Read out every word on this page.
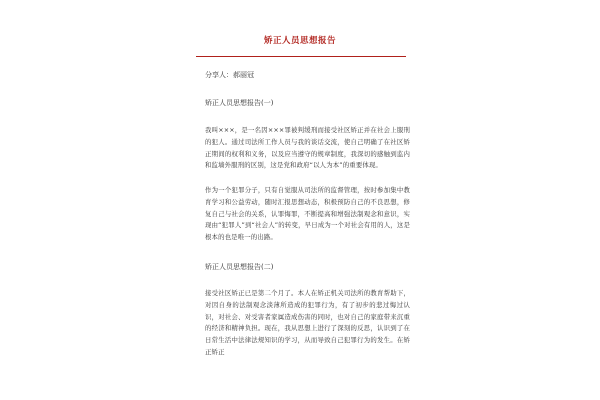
矫正人员思想报告
分享人：郝丽冠
矫正人员思想报告(一)

我叫×××，是一名因×××罪被判缓刑而接受社区矫正并在社会上服刑的犯人。通过司法所工作人员与我的谈话交流，使自己明确了在社区矫正期间的权利和义务，以及应当遵守的规章制度，我深切的感触到监内和监墙外服刑的区别，这是党和政府“以人为本”的重要体现。

作为一个犯罪分子，只有自觉服从司法所的监督管理，按时参加集中教育学习和公益劳动，随时汇报思想动态，积极预防自己的不良思想，修复自己与社会的关系，认罪悔罪，不断提高和增强法制观念和意识，实现由“犯罪人”到“社会人”的转变，早日成为一个对社会有用的人，这是根本的也是唯一的出路。

矫正人员思想报告(二)

接受社区矫正已是第二个月了。本人在矫正机关司法所的教育帮助下，对因自身的法制观念淡薄所造成的犯罪行为，有了初步的悲过悔过认识，对社会、对受害者家属造成伤害的同时，也对自己的家庭带来沉重的经济和精神负担。现在，我从思想上进行了深刻的反思，认识到了在日常生活中法律法规知识的学习，从而导致自己犯罪行为的发生。在矫正矫正
